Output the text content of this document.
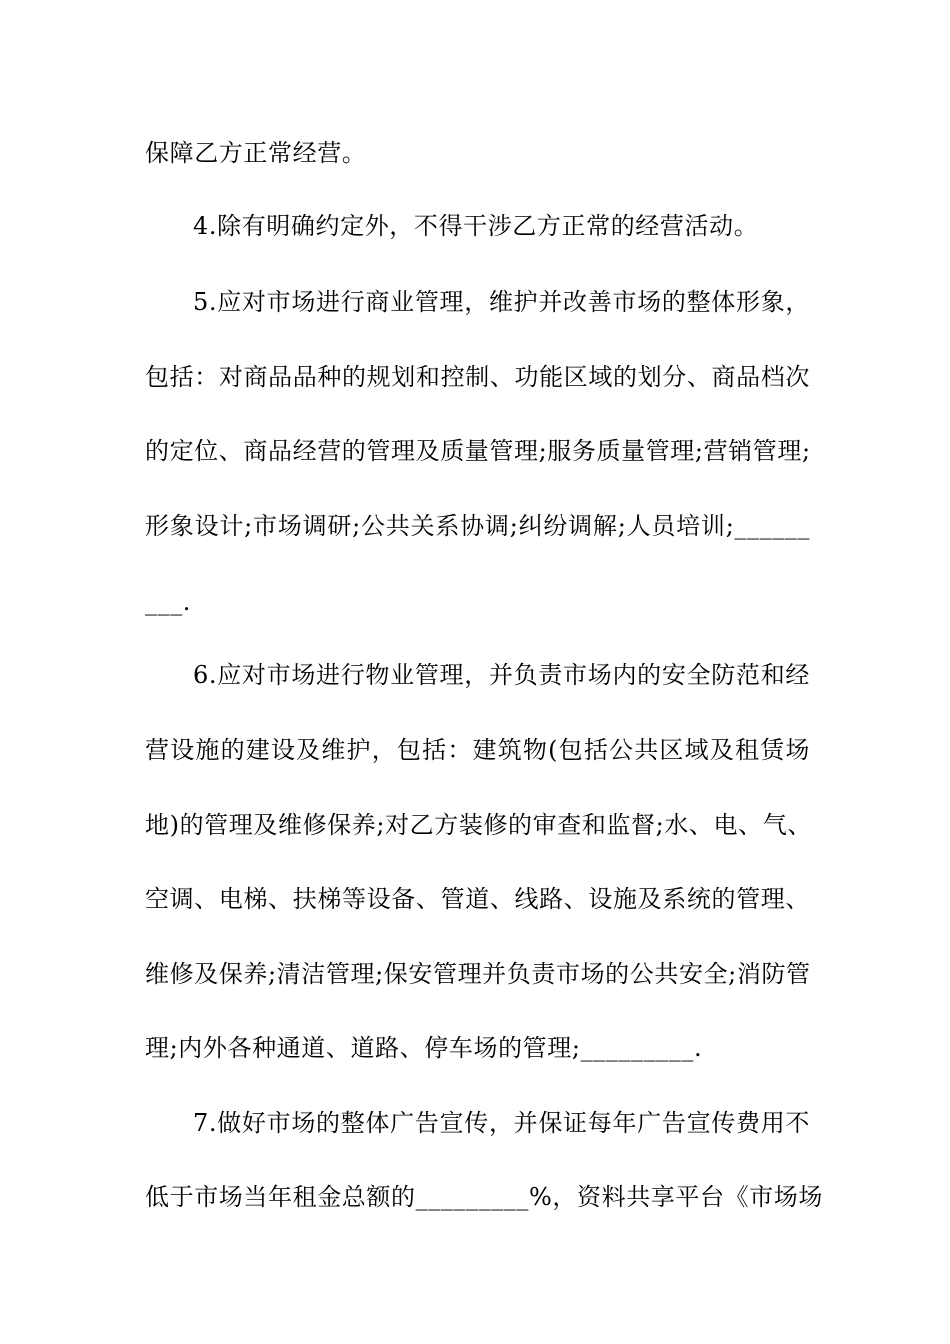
保障乙方正常经营。
4.除有明确约定外，不得干涉乙方正常的经营活动。
5.应对市场进行商业管理，维护并改善市场的整体形象，
包括：对商品品种的规划和控制、功能区域的划分、商品档次
的定位、商品经营的管理及质量管理;服务质量管理;营销管理;
形象设计;市场调研;公共关系协调;纠纷调解;人员培训;______
___.
6.应对市场进行物业管理，并负责市场内的安全防范和经
营设施的建设及维护，包括：建筑物(包括公共区域及租赁场
地)的管理及维修保养;对乙方装修的审查和监督;水、电、气、
空调、电梯、扶梯等设备、管道、线路、设施及系统的管理、
维修及保养;清洁管理;保安管理并负责市场的公共安全;消防管
理;内外各种通道、道路、停车场的管理;_________.
7.做好市场的整体广告宣传，并保证每年广告宣传费用不
低于市场当年租金总额的_________%，资料共享平台《市场场
